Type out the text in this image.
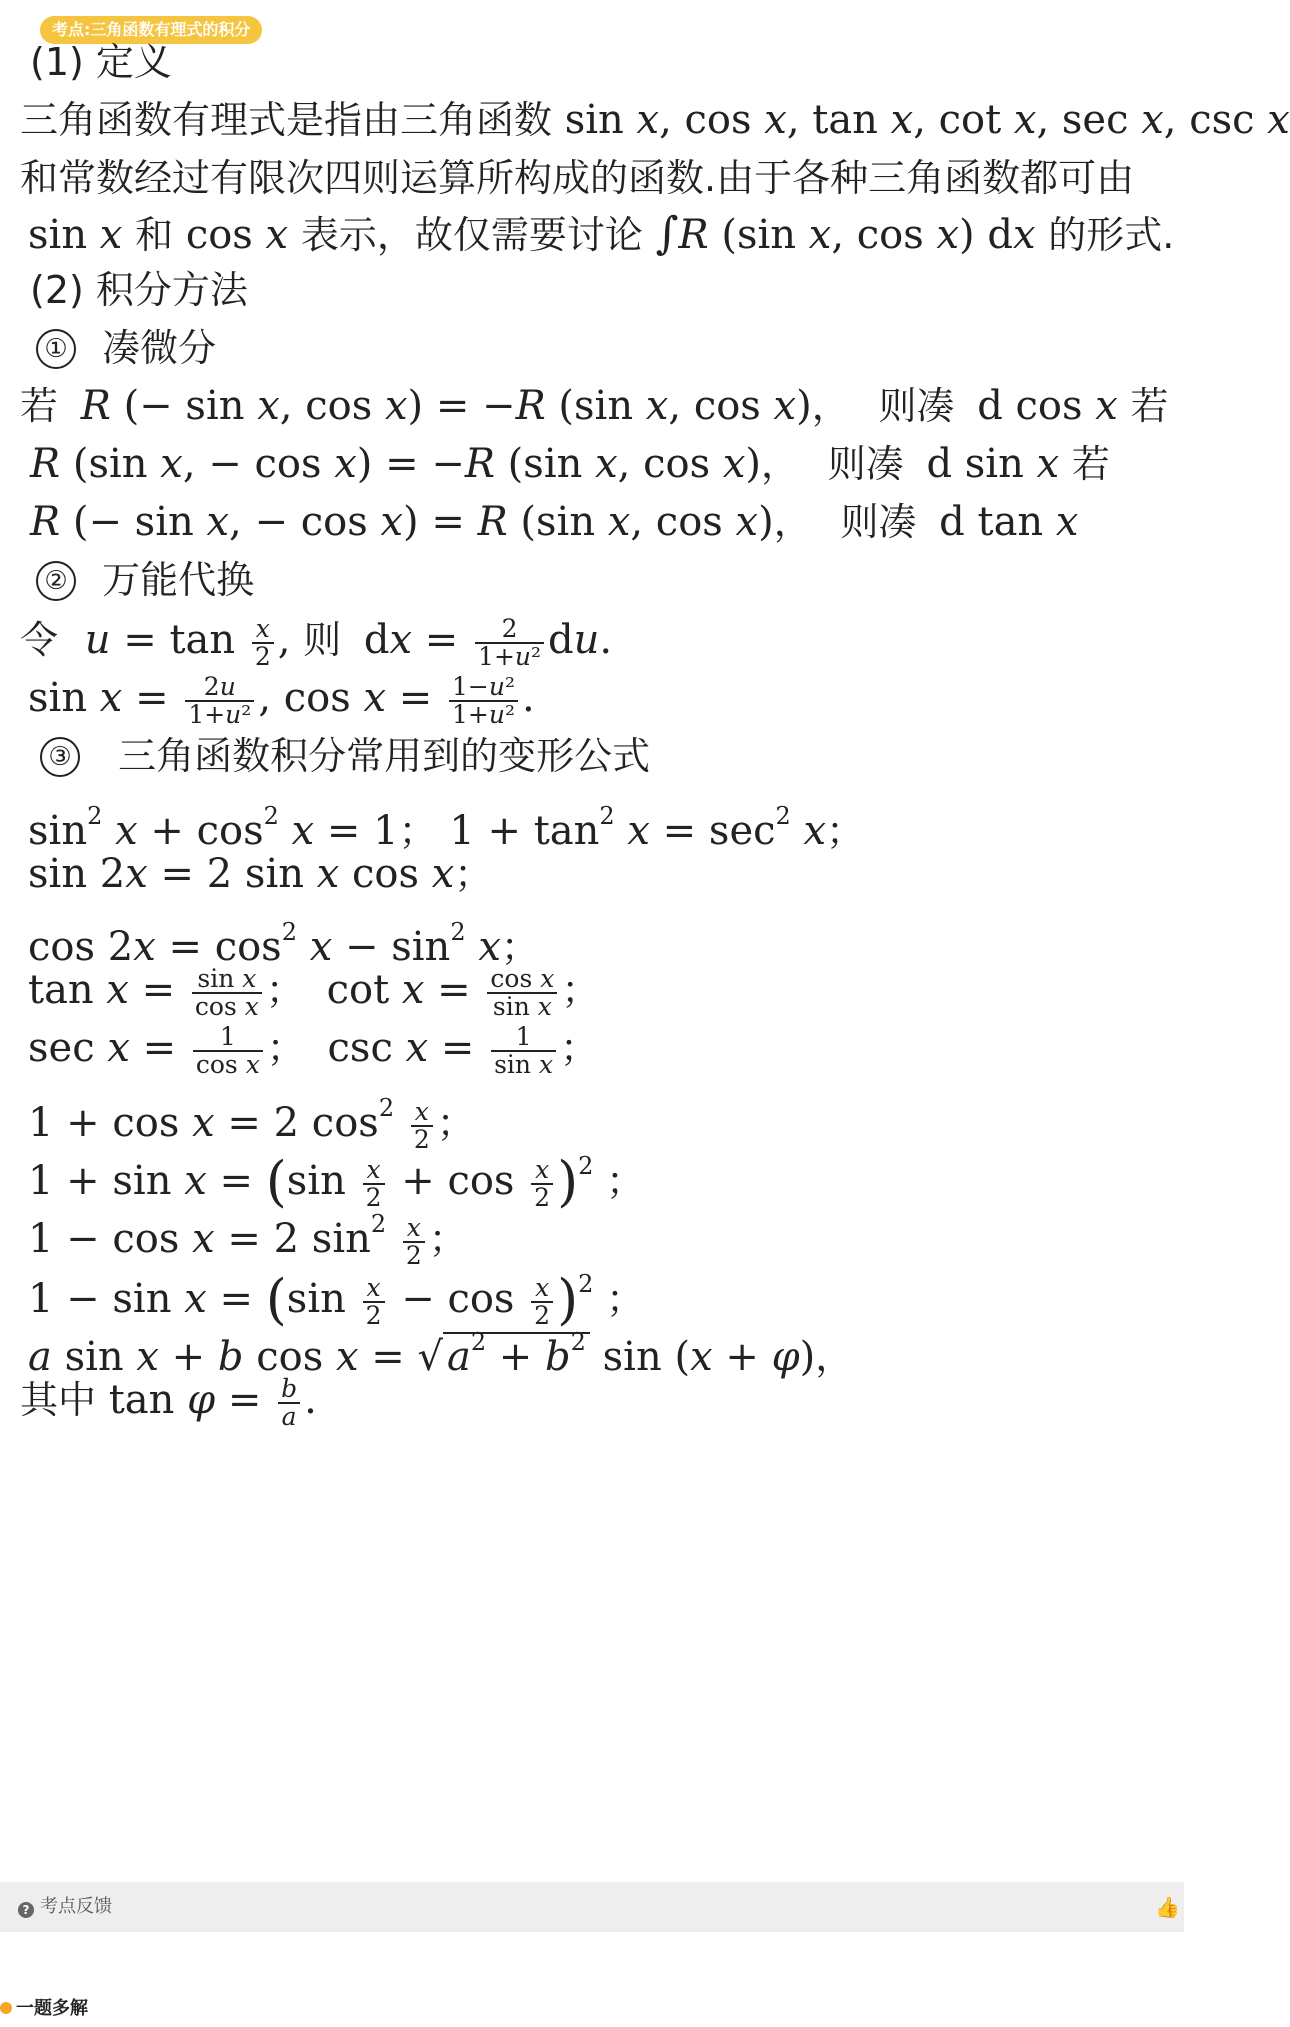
考点:三角函数有理式的积分
(1) 定义
三角函数有理式是指由三角函数 sin x, cos x, tan x, cot x, sec x, csc x
和常数经过有限次四则运算所构成的函数.由于各种三角函数都可由
sin x 和 cos x 表示，故仅需要讨论 ∫R (sin x, cos x) dx 的形式.
(2) 积分方法
① 凑微分
若 R (− sin x, cos x) = −R (sin x, cos x)， 则凑 d cos x 若
R (sin x, − cos x) = −R (sin x, cos x)， 则凑 d sin x 若
R (− sin x, − cos x) = R (sin x, cos x)， 则凑 d tan x
② 万能代换
令 $u = \tan \frac{x}{2}$ , 则 dx = $\frac{2}{\text{1+u²}}$ du.
$\sin x = \frac{2u}{\text{1+u²}}$ , $\cos x = \frac{\text{1−u²}}{\text{1+u²}}$ .
③ 三角函数积分常用到的变形公式
$\sin^2 x + \cos^2 x = 1$； $1 + \tan^2 x = \sec^2 x$；
sin 2x = 2 sin x cos x；
$\cos 2x = \cos^2 x - \sin^2 x$；
$\tan x = \frac{\text{sin x}}{\text{cos x}}$ ； $\cot x = \frac{\text{cos x}}{\text{sin x}}$ ；
$\sec x = \frac{1}{\text{cos x}}$ ； $\csc x = \frac{1}{\text{sin x}}$ ；
1 + cos x = 2 $\cos^2 \frac{x}{2}$ ；
$1 + \sin x = (\sin \frac{x}{2} + \cos \frac{x}{2} )^2$ ；
1 − cos x = 2 $\sin^2 \frac{x}{2}$ ；
$1 - \sin x = (\sin \frac{x}{2} - \cos \frac{x}{2} )^2$ ；
a sin x + b cos x = √ $a^2 + b^2$ sin (x + φ)，
其中 $\tan \varphi = \frac{b}{a}$ .
? 考点反馈	👍
一题多解
